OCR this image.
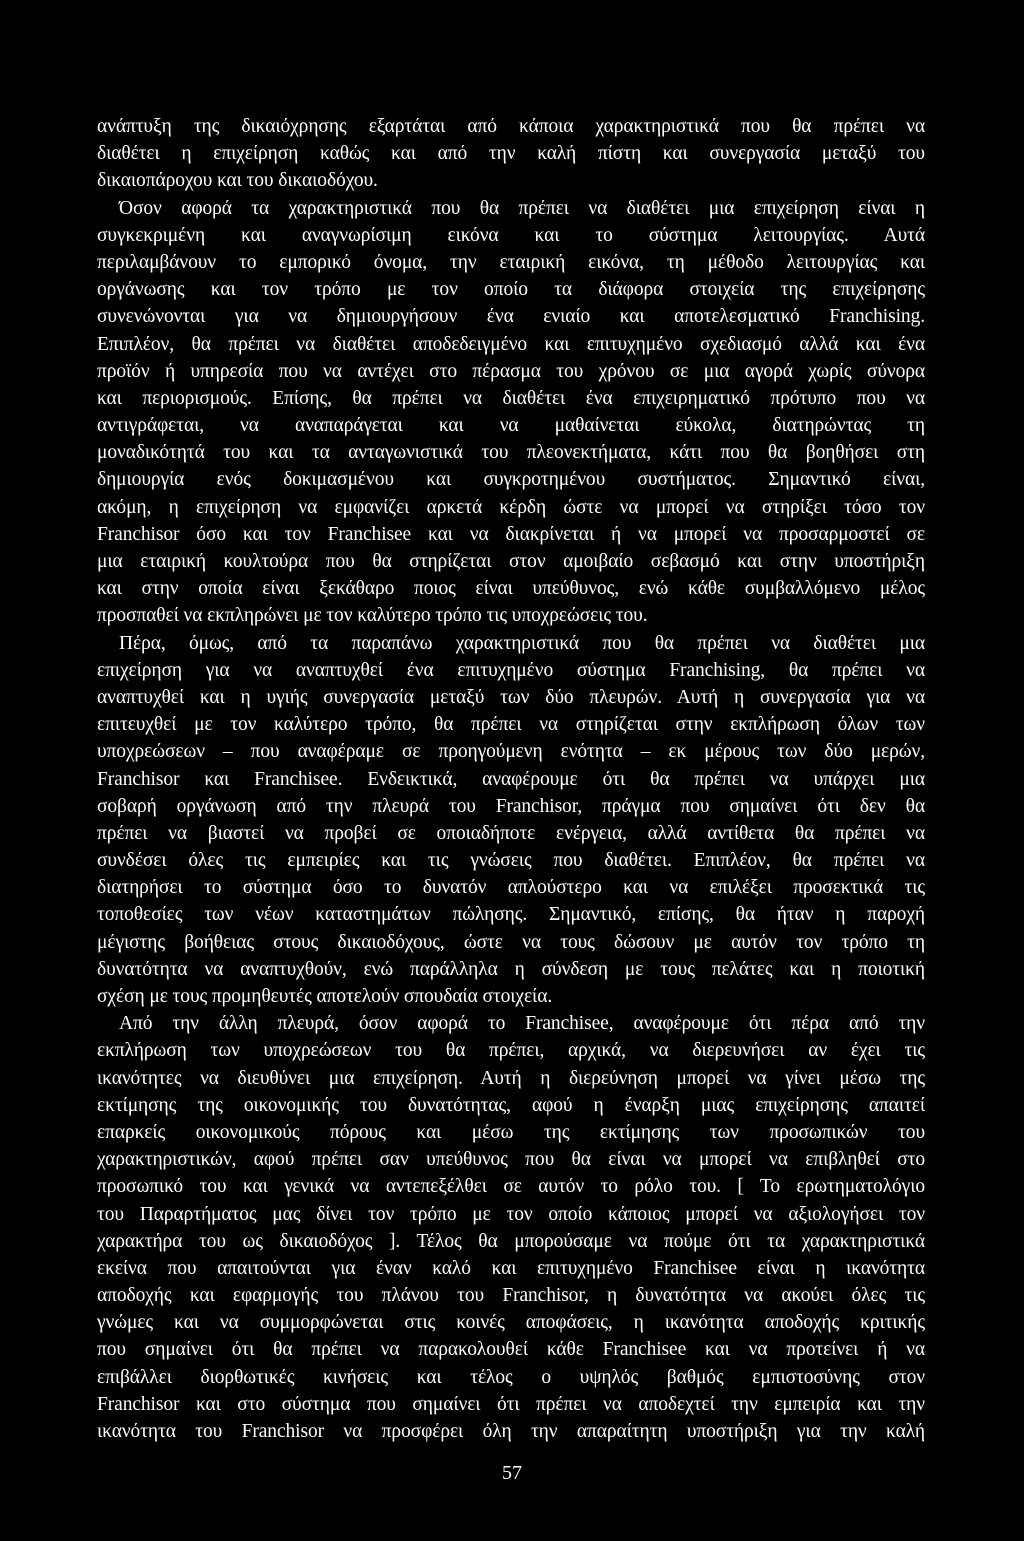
ανάπτυξη της δικαιόχρησης εξαρτάται από κάποια χαρακτηριστικά που θα πρέπει να
διαθέτει η επιχείρηση καθώς και από την καλή πίστη και συνεργασία μεταξύ του
δικαιοπάροχου και του δικαιοδόχου.
Όσον αφορά τα χαρακτηριστικά που θα πρέπει να διαθέτει μια επιχείρηση είναι η
συγκεκριμένη και αναγνωρίσιμη εικόνα και το σύστημα λειτουργίας. Αυτά
περιλαμβάνουν το εμπορικό όνομα, την εταιρική εικόνα, τη μέθοδο λειτουργίας και
οργάνωσης και τον τρόπο με τον οποίο τα διάφορα στοιχεία της επιχείρησης
συνενώνονται για να δημιουργήσουν ένα ενιαίο και αποτελεσματικό Franchising.
Επιπλέον, θα πρέπει να διαθέτει αποδεδειγμένο και επιτυχημένο σχεδιασμό αλλά και ένα
προϊόν ή υπηρεσία που να αντέχει στο πέρασμα του χρόνου σε μια αγορά χωρίς σύνορα
και περιορισμούς. Επίσης, θα πρέπει να διαθέτει ένα επιχειρηματικό πρότυπο που να
αντιγράφεται, να αναπαράγεται και να μαθαίνεται εύκολα, διατηρώντας τη
μοναδικότητά του και τα ανταγωνιστικά του πλεονεκτήματα, κάτι που θα βοηθήσει στη
δημιουργία ενός δοκιμασμένου και συγκροτημένου συστήματος. Σημαντικό είναι,
ακόμη, η επιχείρηση να εμφανίζει αρκετά κέρδη ώστε να μπορεί να στηρίξει τόσο τον
Franchisor όσο και τον Franchisee και να διακρίνεται ή να μπορεί να προσαρμοστεί σε
μια εταιρική κουλτούρα που θα στηρίζεται στον αμοιβαίο σεβασμό και στην υποστήριξη
και στην οποία είναι ξεκάθαρο ποιος είναι υπεύθυνος, ενώ κάθε συμβαλλόμενο μέλος
προσπαθεί να εκπληρώνει με τον καλύτερο τρόπο τις υποχρεώσεις του.
Πέρα, όμως, από τα παραπάνω χαρακτηριστικά που θα πρέπει να διαθέτει μια
επιχείρηση για να αναπτυχθεί ένα επιτυχημένο σύστημα Franchising, θα πρέπει να
αναπτυχθεί και η υγιής συνεργασία μεταξύ των δύο πλευρών. Αυτή η συνεργασία για να
επιτευχθεί με τον καλύτερο τρόπο, θα πρέπει να στηρίζεται στην εκπλήρωση όλων των
υποχρεώσεων – που αναφέραμε σε προηγούμενη ενότητα – εκ μέρους των δύο μερών,
Franchisor και Franchisee. Ενδεικτικά, αναφέρουμε ότι θα πρέπει να υπάρχει μια
σοβαρή οργάνωση από την πλευρά του Franchisor, πράγμα που σημαίνει ότι δεν θα
πρέπει να βιαστεί να προβεί σε οποιαδήποτε ενέργεια, αλλά αντίθετα θα πρέπει να
συνδέσει όλες τις εμπειρίες και τις γνώσεις που διαθέτει. Επιπλέον, θα πρέπει να
διατηρήσει το σύστημα όσο το δυνατόν απλούστερο και να επιλέξει προσεκτικά τις
τοποθεσίες των νέων καταστημάτων πώλησης. Σημαντικό, επίσης, θα ήταν η παροχή
μέγιστης βοήθειας στους δικαιοδόχους, ώστε να τους δώσουν με αυτόν τον τρόπο τη
δυνατότητα να αναπτυχθούν, ενώ παράλληλα η σύνδεση με τους πελάτες και η ποιοτική
σχέση με τους προμηθευτές αποτελούν σπουδαία στοιχεία.
Από την άλλη πλευρά, όσον αφορά το Franchisee, αναφέρουμε ότι πέρα από την
εκπλήρωση των υποχρεώσεων του θα πρέπει, αρχικά, να διερευνήσει αν έχει τις
ικανότητες να διευθύνει μια επιχείρηση. Αυτή η διερεύνηση μπορεί να γίνει μέσω της
εκτίμησης της οικονομικής του δυνατότητας, αφού η έναρξη μιας επιχείρησης απαιτεί
επαρκείς οικονομικούς πόρους και μέσω της εκτίμησης των προσωπικών του
χαρακτηριστικών, αφού πρέπει σαν υπεύθυνος που θα είναι να μπορεί να επιβληθεί στο
προσωπικό του και γενικά να αντεπεξέλθει σε αυτόν το ρόλο του. [ Το ερωτηματολόγιο
του Παραρτήματος μας δίνει τον τρόπο με τον οποίο κάποιος μπορεί να αξιολογήσει τον
χαρακτήρα του ως δικαιοδόχος ]. Τέλος θα μπορούσαμε να πούμε ότι τα χαρακτηριστικά
εκείνα που απαιτούνται για έναν καλό και επιτυχημένο Franchisee είναι η ικανότητα
αποδοχής και εφαρμογής του πλάνου του Franchisor, η δυνατότητα να ακούει όλες τις
γνώμες και να συμμορφώνεται στις κοινές αποφάσεις, η ικανότητα αποδοχής κριτικής
που σημαίνει ότι θα πρέπει να παρακολουθεί κάθε Franchisee και να προτείνει ή να
επιβάλλει διορθωτικές κινήσεις και τέλος ο υψηλός βαθμός εμπιστοσύνης στον
Franchisor και στο σύστημα που σημαίνει ότι πρέπει να αποδεχτεί την εμπειρία και την
ικανότητα του Franchisor να προσφέρει όλη την απαραίτητη υποστήριξη για την καλή
57
